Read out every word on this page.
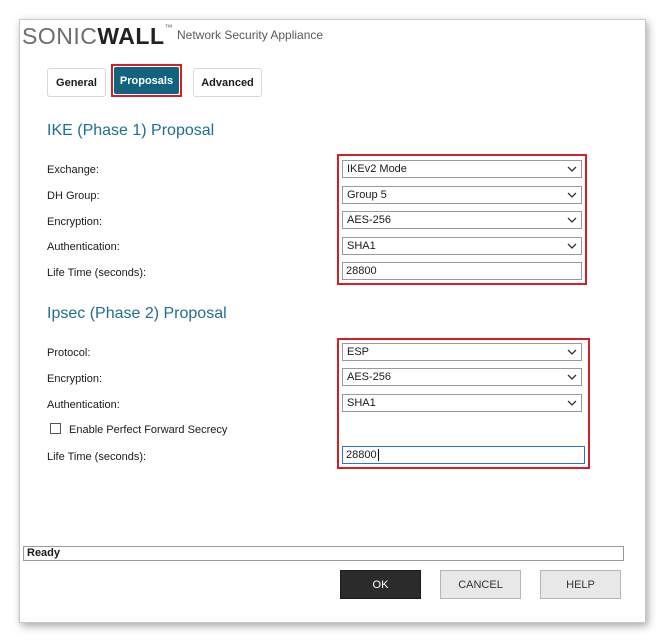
SONICWALL™
Network Security Appliance
General	Proposals	Advanced
IKE (Phase 1) Proposal
Exchange:	IKEv2 Mode
DH Group:	Group 5
Encryption:	AES-256
Authentication:	SHA1
Life Time (seconds):	28800
Ipsec (Phase 2) Proposal
Protocol:	ESP
Encryption:	AES-256
Authentication:	SHA1
Enable Perfect Forward Secrecy
Life Time (seconds):	28800
Ready
OK	CANCEL	HELP
